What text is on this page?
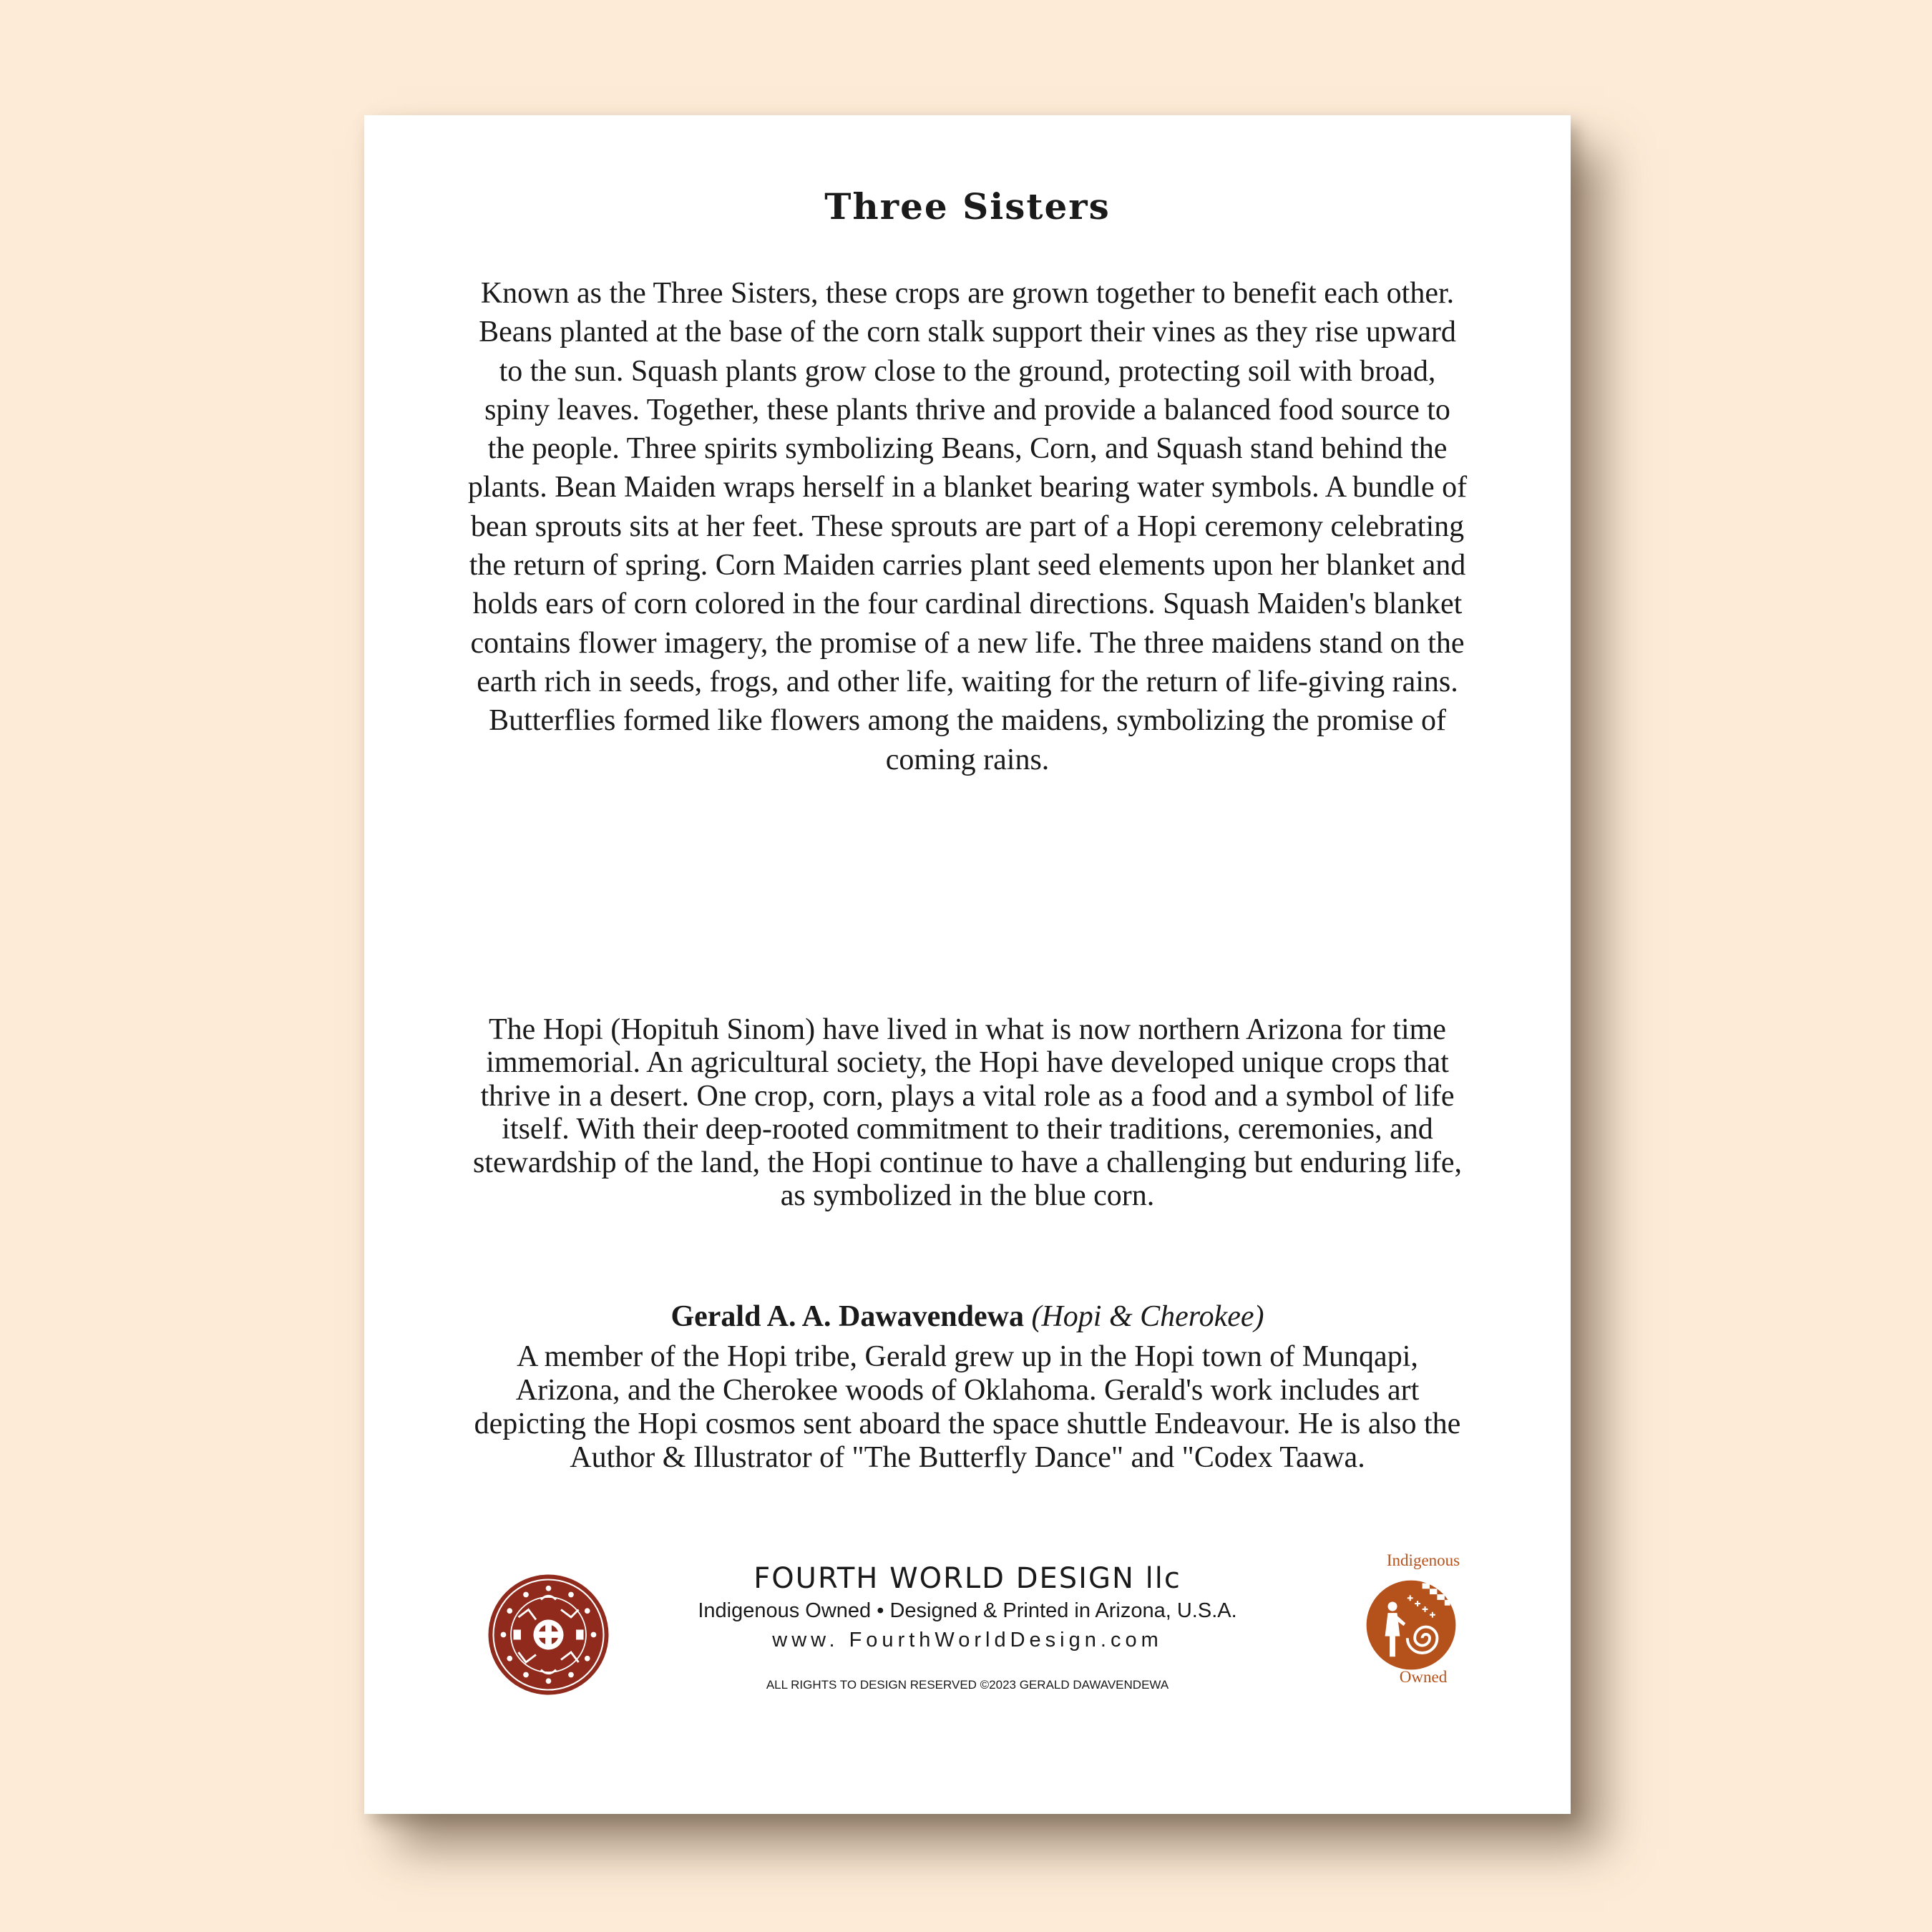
Three Sisters

Known as the Three Sisters, these crops are grown together to benefit each other. Beans planted at the base of the corn stalk support their vines as they rise upward to the sun. Squash plants grow close to the ground, protecting soil with broad, spiny leaves. Together, these plants thrive and provide a balanced food source to the people. Three spirits symbolizing Beans, Corn, and Squash stand behind the plants. Bean Maiden wraps herself in a blanket bearing water symbols. A bundle of bean sprouts sits at her feet. These sprouts are part of a Hopi ceremony celebrating the return of spring. Corn Maiden carries plant seed elements upon her blanket and holds ears of corn colored in the four cardinal directions. Squash Maiden's blanket contains flower imagery, the promise of a new life. The three maidens stand on the earth rich in seeds, frogs, and other life, waiting for the return of life-giving rains. Butterflies formed like flowers among the maidens, symbolizing the promise of coming rains.

The Hopi (Hopituh Sinom) have lived in what is now northern Arizona for time immemorial. An agricultural society, the Hopi have developed unique crops that thrive in a desert. One crop, corn, plays a vital role as a food and a symbol of life itself. With their deep-rooted commitment to their traditions, ceremonies, and stewardship of the land, the Hopi continue to have a challenging but enduring life, as symbolized in the blue corn.

Gerald A. A. Dawavendewa (Hopi & Cherokee)

A member of the Hopi tribe, Gerald grew up in the Hopi town of Munqapi, Arizona, and the Cherokee woods of Oklahoma. Gerald's work includes art depicting the Hopi cosmos sent aboard the space shuttle Endeavour. He is also the Author & Illustrator of "The Butterfly Dance" and "Codex Taawa.

FOURTH WORLD DESIGN llc

Indigenous Owned • Designed & Printed in Arizona, U.S.A.

www. FourthWorldDesign.com

ALL RIGHTS TO DESIGN RESERVED ©2023 GERALD DAWAVENDEWA

Indigenous

Owned
